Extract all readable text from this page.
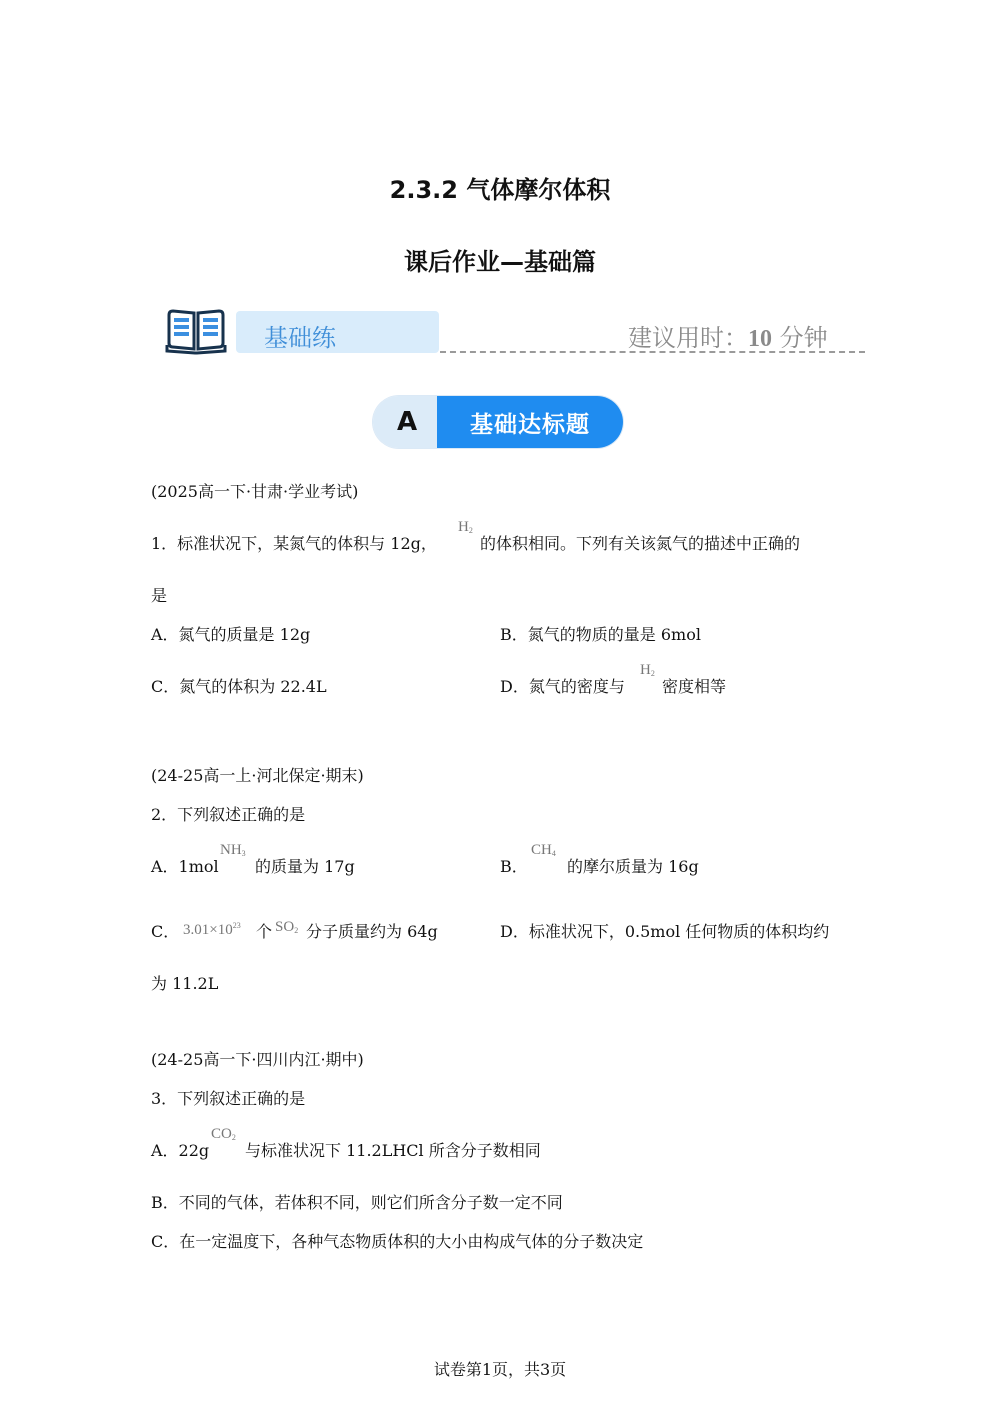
2.3.2 气体摩尔体积
课后作业—基础篇
基础练	建议用时：10 分钟
A	基础达标题
(2025高一下·甘肃·学业考试)
1．标准状况下，某氮气的体积与 12g，
$H_2$
的体积相同。下列有关该氮气的描述中正确的
是
A．氮气的质量是 12g	B．氮气的物质的量是 6mol
C．氮气的体积为 22.4L	D．氮气的密度与
$H_2$
密度相等
(24-25高一上·河北保定·期末)
2．下列叙述正确的是
A．1mol
$NH_3$
的质量为 17g	B．
$CH_4$
的摩尔质量为 16g
C． $3.01\times 10^{23}$ 个 $SO_2$ 分子质量约为 64g	D．标准状况下，0.5mol 任何物质的体积均约
为 11.2L
(24-25高一下·四川内江·期中)
3．下列叙述正确的是
A．22g
$CO_2$
与标准状况下 11.2LHCl 所含分子数相同
B．不同的气体，若体积不同，则它们所含分子数一定不同
C．在一定温度下，各种气态物质体积的大小由构成气体的分子数决定
试卷第1页，共3页
